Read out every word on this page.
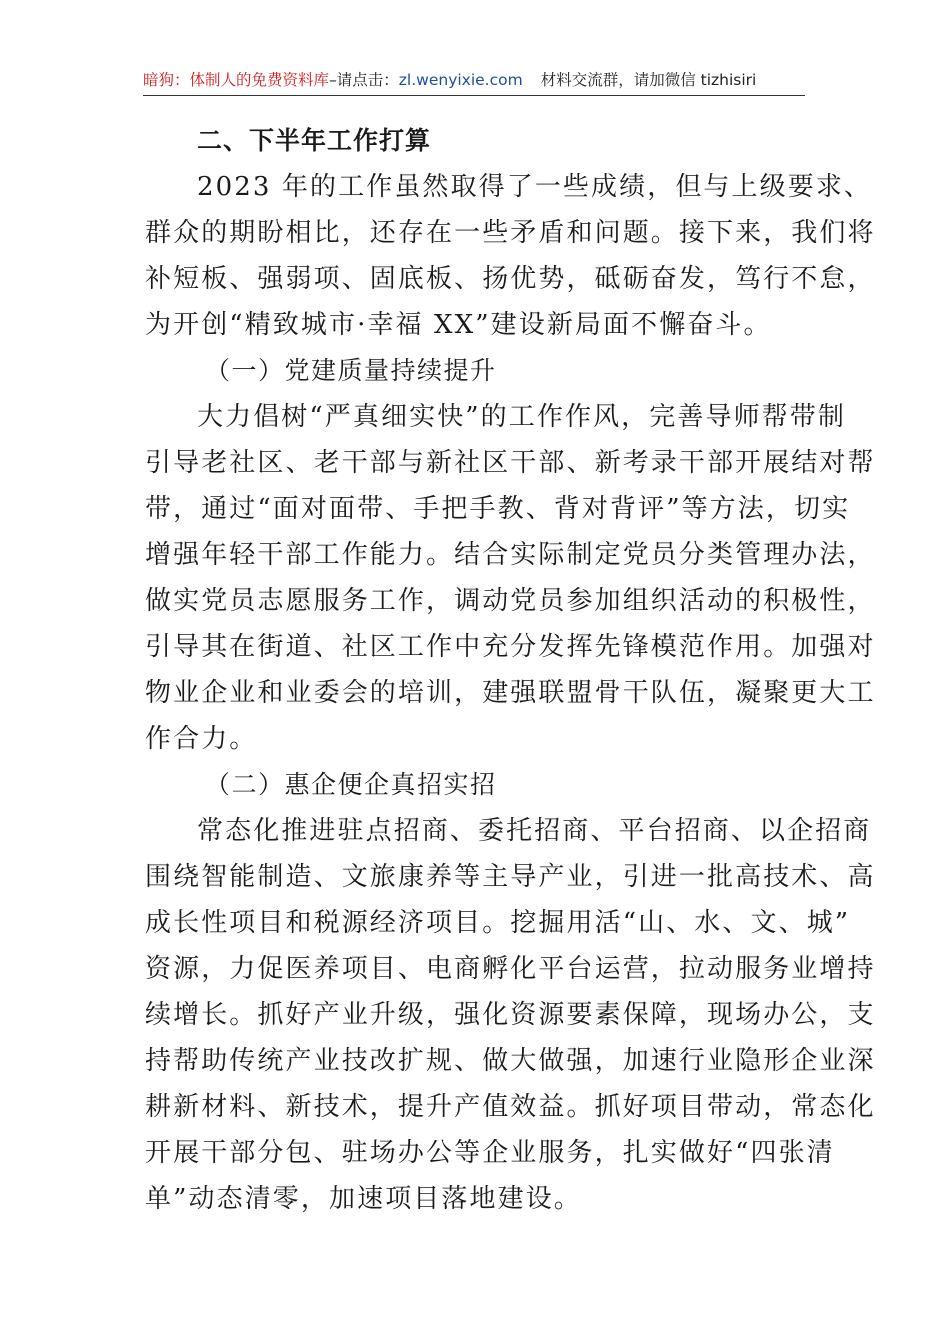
暗狗：体制人的免费资料库–请点击：zl.wenyixie.com 材料交流群，请加微信 tizhisiri
二、下半年工作打算
2023 年的工作虽然取得了一些成绩，但与上级要求、
群众的期盼相比，还存在一些矛盾和问题。接下来，我们将
补短板、强弱项、固底板、扬优势，砥砺奋发，笃行不怠，
为开创“精致城市·幸福 XX”建设新局面不懈奋斗。
（一）党建质量持续提升
大力倡树“严真细实快”的工作作风，完善导师帮带制
引导老社区、老干部与新社区干部、新考录干部开展结对帮
带，通过“面对面带、手把手教、背对背评”等方法，切实
增强年轻干部工作能力。结合实际制定党员分类管理办法，
做实党员志愿服务工作，调动党员参加组织活动的积极性，
引导其在街道、社区工作中充分发挥先锋模范作用。加强对
物业企业和业委会的培训，建强联盟骨干队伍，凝聚更大工
作合力。
（二）惠企便企真招实招
常态化推进驻点招商、委托招商、平台招商、以企招商
围绕智能制造、文旅康养等主导产业，引进一批高技术、高
成长性项目和税源经济项目。挖掘用活“山、水、文、城”
资源，力促医养项目、电商孵化平台运营，拉动服务业增持
续增长。抓好产业升级，强化资源要素保障，现场办公，支
持帮助传统产业技改扩规、做大做强，加速行业隐形企业深
耕新材料、新技术，提升产值效益。抓好项目带动，常态化
开展干部分包、驻场办公等企业服务，扎实做好“四张清
单”动态清零，加速项目落地建设。
